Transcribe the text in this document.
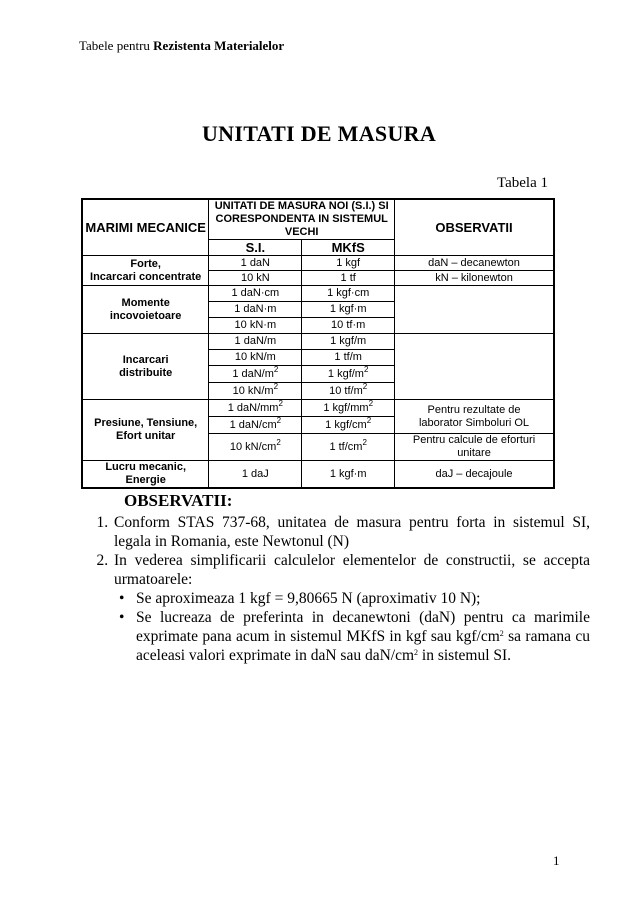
Tabele pentru Rezistenta Materialelor
UNITATI DE MASURA
Tabela 1
MARIMI MECANICE	UNITATI DE MASURA NOI (S.I.) SI CORESPONDENTA IN SISTEMUL VECHI		OBSERVATII
	S.I.	MKfS	
Forte,
Incarcari concentrate	1 daN	1 kgf	daN – decanewton
	10 kN	1 tf	kN – kilonewton
Momente
incovoietoare	1 daN·cm	1 kgf·cm	
	1 daN·m	1 kgf·m	
	10 kN·m	10 tf·m	
Incarcari
distribuite	1 daN/m	1 kgf/m	
	10 kN/m	1 tf/m	
	1 daN/$m^2$	1 kgf/$m^2$
	10 $kN/m^2$	10 $tf/m^2$
Presiune, Tensiune,
Efort unitar	1 daN/$mm^2$	1 kgf/$mm^2$	Pentru rezultate de laborator Simboluri OL
	1 daN/$cm^2$	1 kgf/$cm^2$
	10 $kN/cm^2$	1 $tf/cm^2$	Pentru calcule de eforturi unitare
Lucru mecanic, Energie	1 daJ	1 kgf·m	daJ – decajoule
OBSERVATII:
1. Conform STAS 737-68, unitatea de masura pentru forta in sistemul SI, legala in Romania, este Newtonul (N)
2. In vederea simplificarii calculelor elementelor de constructii, se accepta urmatoarele:
• Se aproximeaza 1 kgf = 9,80665 N (aproximativ 10 N);
• Se lucreaza de preferinta in decanewtoni (daN) pentru ca marimile exprimate pana acum in sistemul MKfS in kgf sau kgf/$cm^2$ sa ramana cu aceleasi valori exprimate in daN sau daN/$cm^2$ in sistemul SI.
1
